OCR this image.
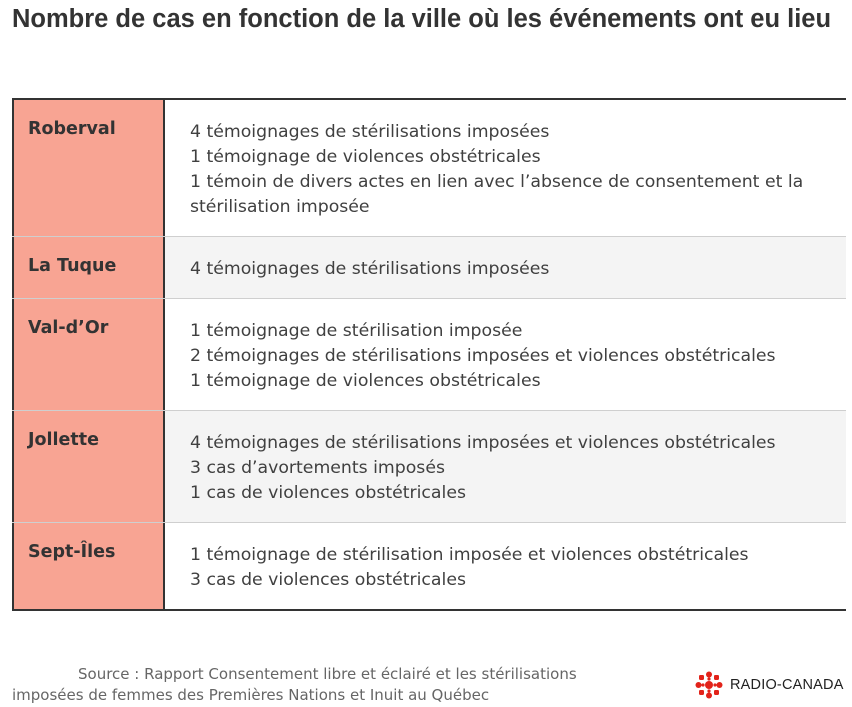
Nombre de cas en fonction de la ville où les événements ont eu lieu
Roberval	4 témoignages de stérilisations imposées
1 témoignage de violences obstétricales
1 témoin de divers actes en lien avec l’absence de consentement et la stérilisation imposée
La Tuque	4 témoignages de stérilisations imposées
Val-d’Or	1 témoignage de stérilisation imposée
2 témoignages de stérilisations imposées et violences obstétricales
1 témoignage de violences obstétricales
Jollette	4 témoignages de stérilisations imposées et violences obstétricales
3 cas d’avortements imposés
1 cas de violences obstétricales
Sept-Îles	1 témoignage de stérilisation imposée et violences obstétricales
3 cas de violences obstétricales
Source : Rapport Consentement libre et éclairé et les stérilisations imposées de femmes des Premières Nations et Inuit au Québec
RADIO-CANADA
